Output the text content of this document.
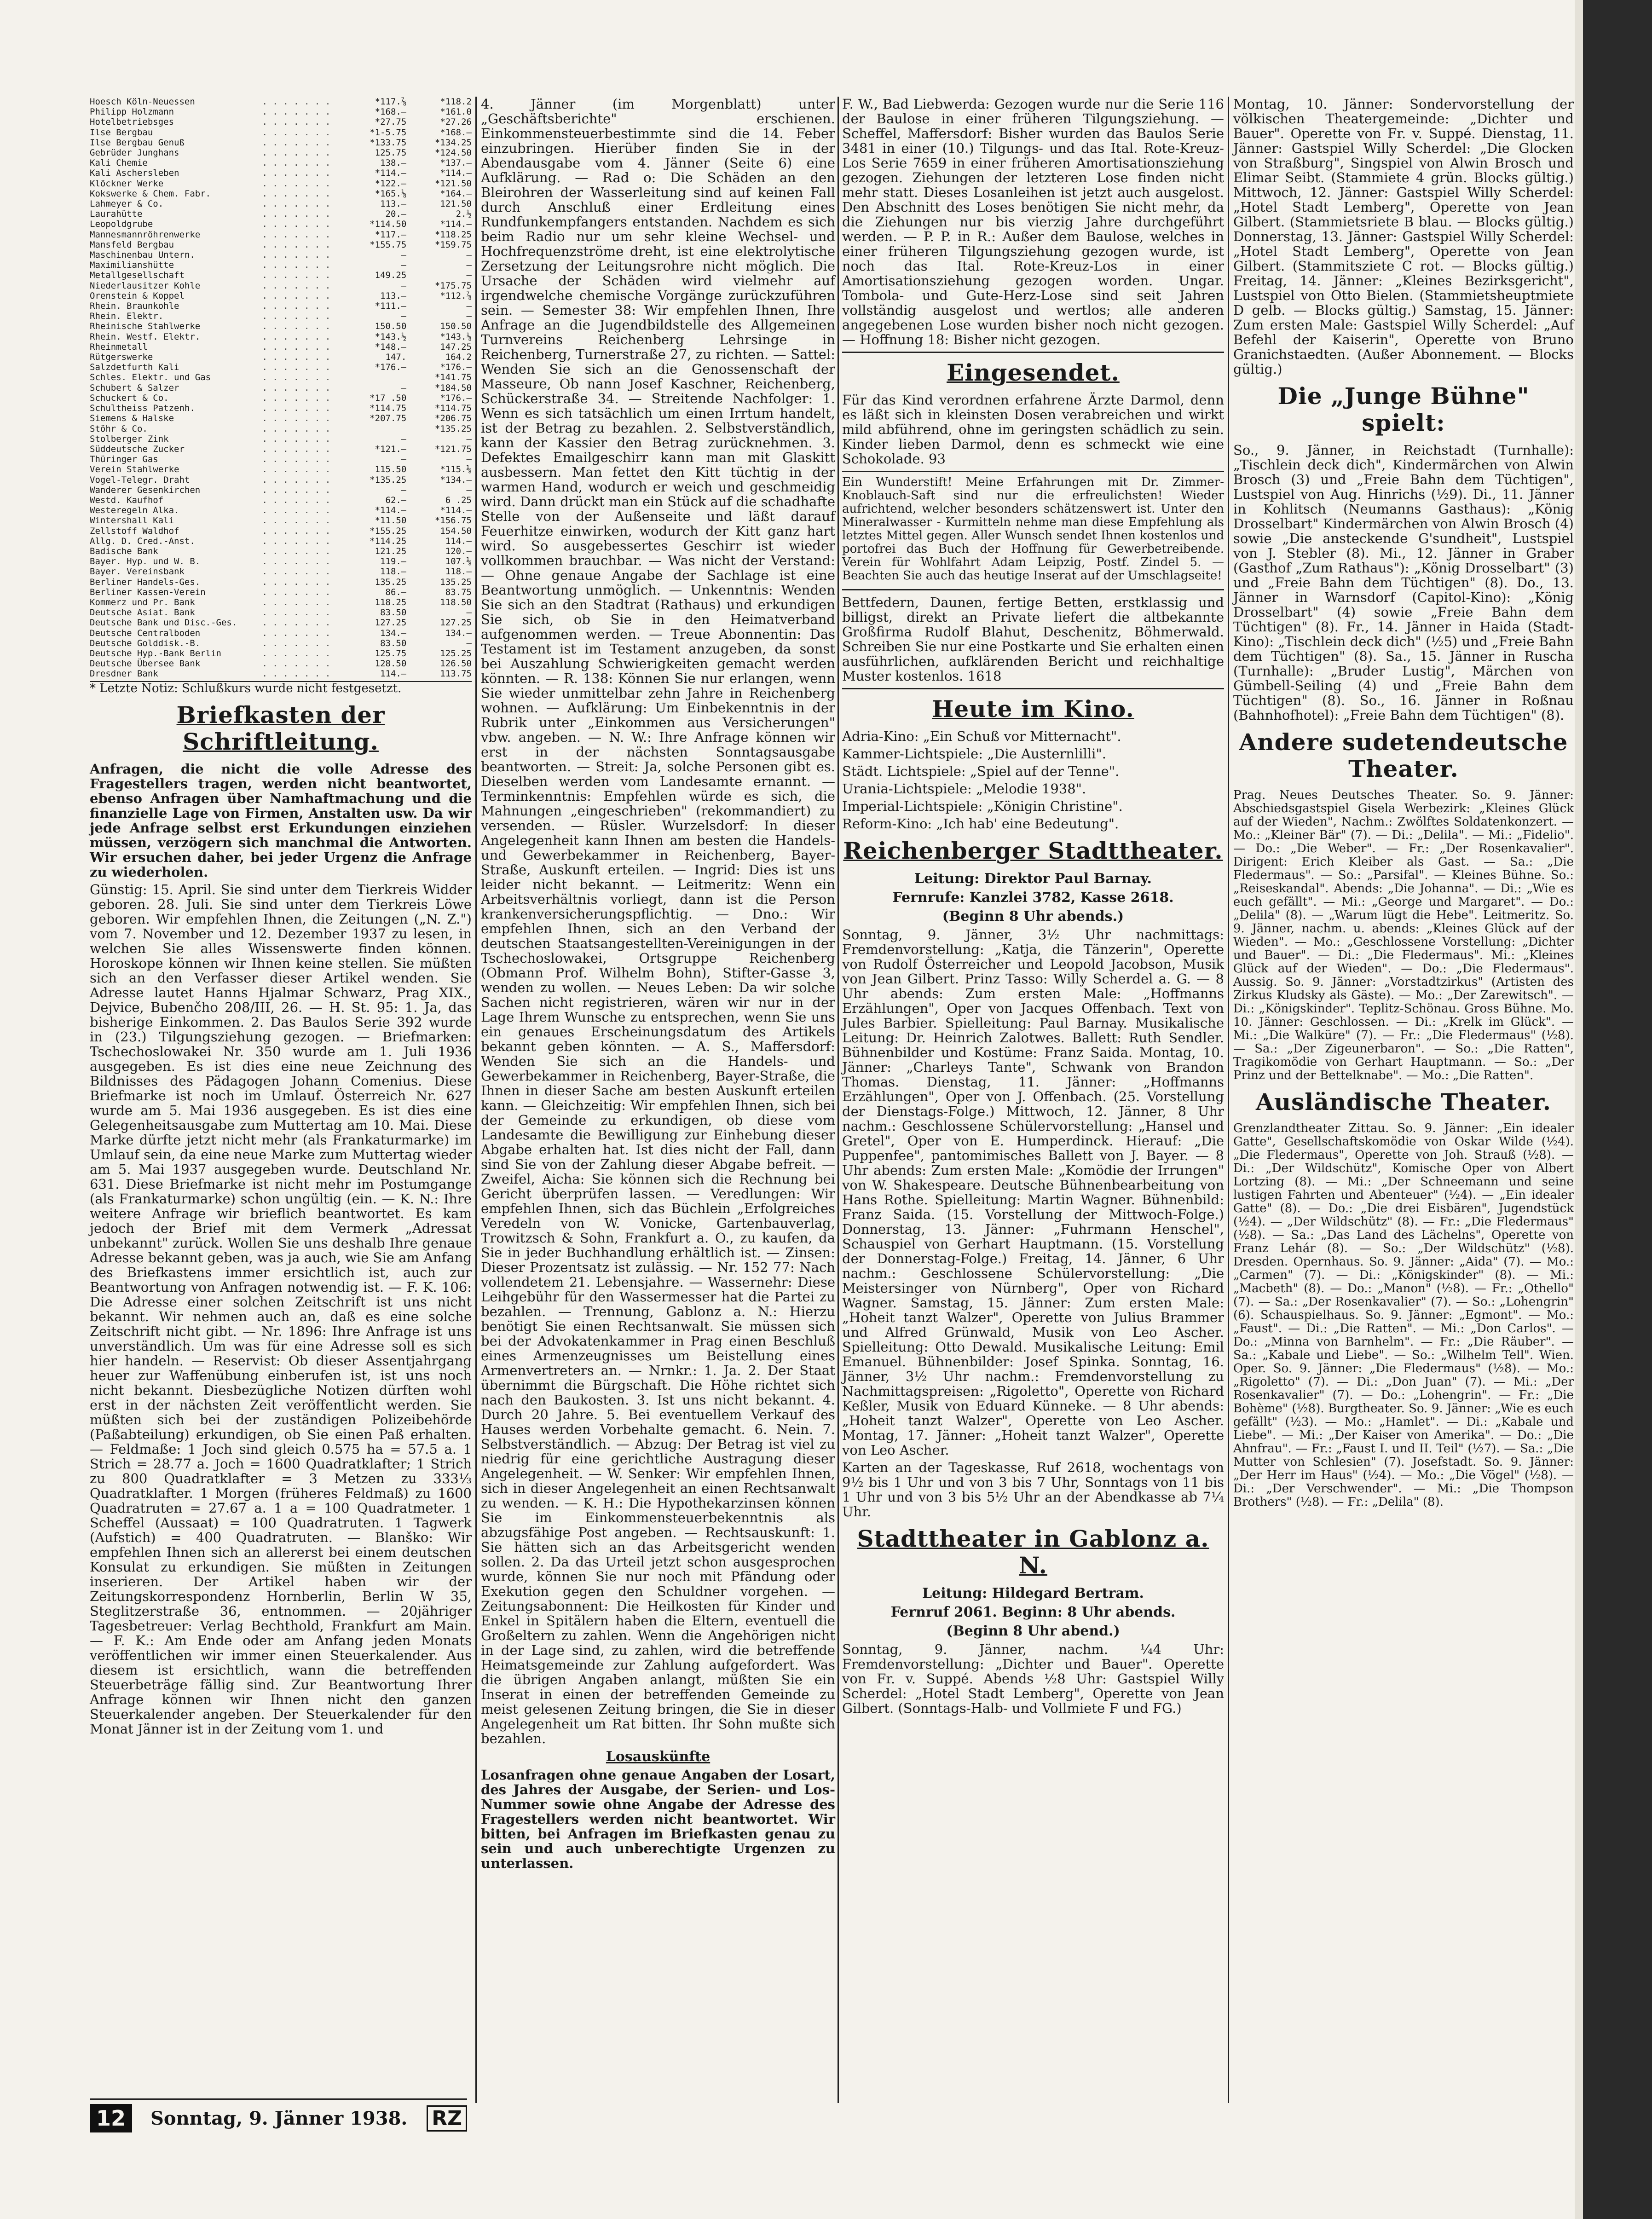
Hoesch Köln-Neuessen	. . . . . . .	*117.⅞	*118.2
Philipp Holzmann	. . . . . . .	*168.—	*161.0
Hotelbetriebsges	. . . . . . .	*27.75	*27.26
Ilse Bergbau	. . . . . . .	*1-5.75	*168.—
Ilse Bergbau Genuß	. . . . . . .	*133.75	*134.25
Gebrüder Junghans	. . . . . . .	125.75	*124.50
Kali Chemie	. . . . . . .	138.—	*137.—
Kali Aschersleben	. . . . . . .	*114.—	*114.—
Klöckner Werke	. . . . . . .	*122.—	*121.50
Kokswerke & Chem. Fabr.	. . . . . . .	*165.⅛	*164.—
Lahmeyer & Co.	. . . . . . .	113.—	121.50
Laurahütte	. . . . . . .	20.—	2.½
Leopoldgrube	. . . . . . .	*114.50	*114.—
Mannesmannröhrenwerke	. . . . . . .	*117.—	*118.25
Mansfeld Bergbau	. . . . . . .	*155.75	*159.75
Maschinenbau Untern.	. . . . . . .	—	—
Maximilianshütte	. . . . . . .	—	—
Metallgesellschaft	. . . . . . .	149.25	—
Niederlausitzer Kohle	. . . . . . .	—	*175.75
Orenstein & Koppel	. . . . . . .	113.—	*112.⅞
Rhein. Braunkohle	. . . . . . .	*111.—	—
Rhein. Elektr.	. . . . . . .	—	—
Rheinische Stahlwerke	. . . . . . .	150.50	150.50
Rhein. Westf. Elektr.	. . . . . . .	*143.½	*143.⅛
Rheinmetall	. . . . . . .	*148.—	147.25
Rütgerswerke	. . . . . . .	147.	164.2
Salzdetfurth Kali	. . . . . . .	*176.—	*176.—
Schles. Elektr. und Gas	. . . . . . .		*141.75
Schubert & Salzer	. . . . . . .	—	*184.50
Schuckert & Co.	. . . . . . .	*17 .50	*176.—
Schultheiss Patzenh.	. . . . . . .	*114.75	*114.75
Siemens & Halske	. . . . . . .	*207.75	*206.75
Stöhr & Co.	. . . . . . .		*135.25
Stolberger Zink	. . . . . . .	—	—
Süddeutsche Zucker	. . . . . . .	*121.—	*121.75
Thüringer Gas	. . . . . . .	—	—
Verein Stahlwerke	. . . . . . .	115.50	*115.⅛
Vogel-Telegr. Draht	. . . . . . .	*135.25	*134.—
Wanderer Gesenkirchen	. . . . . . .	—	—
Westd. Kaufhof	. . . . . . .	62.—	6 .25
Westeregeln Alka.	. . . . . . .	*114.—	*114.—
Wintershall Kali	. . . . . . .	*11.50	*156.75
Zellstoff Waldhof	. . . . . . .	*155.25	154.50
Allg. D. Cred.-Anst.	. . . . . . .	*114.25	114.—
Badische Bank	. . . . . . .	121.25	120.—
Bayer. Hyp. und W. B.	. . . . . . .	119.—	107.⅛
Bayer. Vereinsbank	. . . . . . .	118.—	118.—
Berliner Handels-Ges.	. . . . . . .	135.25	135.25
Berliner Kassen-Verein	. . . . . . .	86.—	83.75
Kommerz und Pr. Bank	. . . . . . .	118.25	118.50
Deutsche Asiat. Bank	. . . . . . .	83.50	—
Deutsche Bank und Disc.-Ges.	. . . . . . .	127.25	127.25
Deutsche Centralboden	. . . . . . .	134.—	134.—
Deutsche Golddisk.-B.	. . . . . . .	83.50	—
Deutsche Hyp.-Bank Berlin	. . . . . . .	125.75	125.25
Deutsche Übersee Bank	. . . . . . .	128.50	126.50
Dresdner Bank	. . . . . . .	114.—	113.75

* Letzte Notiz: Schlußkurs wurde nicht festgesetzt.

Briefkasten der Schriftleitung.

Anfragen, die nicht die volle Adresse des Fragestellers tragen, werden nicht beantwortet, ebenso Anfragen über Namhaftmachung und die finanzielle Lage von Firmen, Anstalten usw. Da wir jede Anfrage selbst erst Erkundungen einziehen müssen, verzögern sich manchmal die Antworten. Wir ersuchen daher, bei jeder Urgenz die Anfrage zu wiederholen.

Günstig: 15. April. Sie sind unter dem Tierkreis Widder geboren. 28. Juli. Sie sind unter dem Tierkreis Löwe geboren. Wir empfehlen Ihnen, die Zeitungen („N. Z.") vom 7. November und 12. Dezember 1937 zu lesen, in welchen Sie alles Wissenswerte finden können. Horoskope können wir Ihnen keine stellen. Sie müßten sich an den Verfasser dieser Artikel wenden. Sie Adresse lautet Hanns Hjalmar Schwarz, Prag XIX., Dejvice, Bubenčho 208/III, 26. — H. St. 95: 1. Ja, das bisherige Einkommen. 2. Das Baulos Serie 392 wurde in (23.) Tilgungsziehung gezogen. — Briefmarken: Tschechoslowakei Nr. 350 wurde am 1. Juli 1936 ausgegeben. Es ist dies eine neue Zeichnung des Bildnisses des Pädagogen Johann Comenius. Diese Briefmarke ist noch im Umlauf. Österreich Nr. 627 wurde am 5. Mai 1936 ausgegeben. Es ist dies eine Gelegenheitsausgabe zum Muttertag am 10. Mai. Diese Marke dürfte jetzt nicht mehr (als Frankaturmarke) im Umlauf sein, da eine neue Marke zum Muttertag wieder am 5. Mai 1937 ausgegeben wurde. Deutschland Nr. 631. Diese Briefmarke ist nicht mehr im Postumgange (als Frankaturmarke) schon ungültig (ein. — K. N.: Ihre weitere Anfrage wir brieflich beantwortet. Es kam jedoch der Brief mit dem Vermerk „Adressat unbekannt" zurück. Wollen Sie uns deshalb Ihre genaue Adresse bekannt geben, was ja auch, wie Sie am Anfang des Briefkastens immer ersichtlich ist, auch zur Beantwortung von Anfragen notwendig ist. — F. K. 106: Die Adresse einer solchen Zeitschrift ist uns nicht bekannt. Wir nehmen auch an, daß es eine solche Zeitschrift nicht gibt. — Nr. 1896: Ihre Anfrage ist uns unverständlich. Um was für eine Adresse soll es sich hier handeln. — Reservist: Ob dieser Assentjahrgang heuer zur Waffenübung einberufen ist, ist uns noch nicht bekannt. Diesbezügliche Notizen dürften wohl erst in der nächsten Zeit veröffentlicht werden. Sie müßten sich bei der zuständigen Polizeibehörde (Paßabteilung) erkundigen, ob Sie einen Paß erhalten. — Feldmaße: 1 Joch sind gleich 0.575 ha = 57.5 a. 1 Strich = 28.77 a. Joch = 1600 Quadratklafter; 1 Strich zu 800 Quadratklafter = 3 Metzen zu 333⅓ Quadratklafter. 1 Morgen (früheres Feldmaß) zu 1600 Quadratruten = 27.67 a. 1 a = 100 Quadratmeter. 1 Scheffel (Aussaat) = 100 Quadratruten. 1 Tagwerk (Aufstich) = 400 Quadratruten. — Blanško: Wir empfehlen Ihnen sich an allererst bei einem deutschen Konsulat zu erkundigen. Sie müßten in Zeitungen inserieren. Der Artikel haben wir der Zeitungskorrespondenz Hornberlin, Berlin W 35, Steglitzerstraße 36, entnommen. — 20jähriger Tagesbetreuer: Verlag Bechthold, Frankfurt am Main. — F. K.: Am Ende oder am Anfang jeden Monats veröffentlichen wir immer einen Steuerkalender. Aus diesem ist ersichtlich, wann die betreffenden Steuerbeträge fällig sind. Zur Beantwortung Ihrer Anfrage können wir Ihnen nicht den ganzen Steuerkalender angeben. Der Steuerkalender für den Monat Jänner ist in der Zeitung vom 1. und

4. Jänner (im Morgenblatt) unter „Geschäftsberichte" erschienen. Einkommensteuerbestimmte sind die 14. Feber einzubringen. Hierüber finden Sie in der Abendausgabe vom 4. Jänner (Seite 6) eine Aufklärung. — Rad o: Die Schäden an den Bleirohren der Wasserleitung sind auf keinen Fall durch Anschluß einer Erdleitung eines Rundfunkempfangers entstanden. Nachdem es sich beim Radio nur um sehr kleine Wechsel- und Hochfrequenzströme dreht, ist eine elektrolytische Zersetzung der Leitungsrohre nicht möglich. Die Ursache der Schäden wird vielmehr auf irgendwelche chemische Vorgänge zurückzuführen sein. — Semester 38: Wir empfehlen Ihnen, Ihre Anfrage an die Jugendbildstelle des Allgemeinen Turnvereins Reichenberg Lehrsinge in Reichenberg, Turnerstraße 27, zu richten. — Sattel: Wenden Sie sich an die Genossenschaft der Masseure, Ob nann Josef Kaschner, Reichenberg, Schückerstraße 34. — Streitende Nachfolger: 1. Wenn es sich tatsächlich um einen Irrtum handelt, ist der Betrag zu bezahlen. 2. Selbstverständlich, kann der Kassier den Betrag zurücknehmen. 3. Defektes Emailgeschirr kann man mit Glaskitt ausbessern. Man fettet den Kitt tüchtig in der warmen Hand, wodurch er weich und geschmeidig wird. Dann drückt man ein Stück auf die schadhafte Stelle von der Außenseite und läßt darauf Feuerhitze einwirken, wodurch der Kitt ganz hart wird. So ausgebessertes Geschirr ist wieder vollkommen brauchbar. — Was nicht der Verstand: — Ohne genaue Angabe der Sachlage ist eine Beantwortung unmöglich. — Unkenntnis: Wenden Sie sich an den Stadtrat (Rathaus) und erkundigen Sie sich, ob Sie in den Heimatverband aufgenommen werden. — Treue Abonnentin: Das Testament ist im Testament anzugeben, da sonst bei Auszahlung Schwierigkeiten gemacht werden könnten. — R. 138: Können Sie nur erlangen, wenn Sie wieder unmittelbar zehn Jahre in Reichenberg wohnen. — Aufklärung: Um Einbekenntnis in der Rubrik unter „Einkommen aus Versicherungen" vbw. angeben. — N. W.: Ihre Anfrage können wir erst in der nächsten Sonntagsausgabe beantworten. — Streit: Ja, solche Personen gibt es. Dieselben werden vom Landesamte ernannt. — Terminkenntnis: Empfehlen würde es sich, die Mahnungen „eingeschrieben" (rekommandiert) zu versenden. — Rüsler. Wurzelsdorf: In dieser Angelegenheit kann Ihnen am besten die Handels- und Gewerbekammer in Reichenberg, Bayer-Straße, Auskunft erteilen. — Ingrid: Dies ist uns leider nicht bekannt. — Leitmeritz: Wenn ein Arbeitsverhältnis vorliegt, dann ist die Person krankenversicherungspflichtig. — Dno.: Wir empfehlen Ihnen, sich an den Verband der deutschen Staatsangestellten-Vereinigungen in der Tschechoslowakei, Ortsgruppe Reichenberg (Obmann Prof. Wilhelm Bohn), Stifter-Gasse 3, wenden zu wollen. — Neues Leben: Da wir solche Sachen nicht registrieren, wären wir nur in der Lage Ihrem Wunsche zu entsprechen, wenn Sie uns ein genaues Erscheinungsdatum des Artikels bekannt geben könnten. — A. S., Maffersdorf: Wenden Sie sich an die Handels- und Gewerbekammer in Reichenberg, Bayer-Straße, die Ihnen in dieser Sache am besten Auskunft erteilen kann. — Gleichzeitig: Wir empfehlen Ihnen, sich bei der Gemeinde zu erkundigen, ob diese vom Landesamte die Bewilligung zur Einhebung dieser Abgabe erhalten hat. Ist dies nicht der Fall, dann sind Sie von der Zahlung dieser Abgabe befreit. — Zweifel, Aicha: Sie können sich die Rechnung bei Gericht überprüfen lassen. — Veredlungen: Wir empfehlen Ihnen, sich das Büchlein „Erfolgreiches Veredeln von W. Vonicke, Gartenbauverlag, Trowitzsch & Sohn, Frankfurt a. O., zu kaufen, da Sie in jeder Buchhandlung erhältlich ist. — Zinsen: Dieser Prozentsatz ist zulässig. — Nr. 152 77: Nach vollendetem 21. Lebensjahre. — Wassernehr: Diese Leihgebühr für den Wassermesser hat die Partei zu bezahlen. — Trennung, Gablonz a. N.: Hierzu benötigt Sie einen Rechtsanwalt. Sie müssen sich bei der Advokatenkammer in Prag einen Beschluß eines Armenzeugnisses um Beistellung eines Armenvertreters an. — Nrnkr.: 1. Ja. 2. Der Staat übernimmt die Bürgschaft. Die Höhe richtet sich nach den Baukosten. 3. Ist uns nicht bekannt. 4. Durch 20 Jahre. 5. Bei eventuellem Verkauf des Hauses werden Vorbehalte gemacht. 6. Nein. 7. Selbstverständlich. — Abzug: Der Betrag ist viel zu niedrig für eine gerichtliche Austragung dieser Angelegenheit. — W. Senker: Wir empfehlen Ihnen, sich in dieser Angelegenheit an einen Rechtsanwalt zu wenden. — K. H.: Die Hypothekarzinsen können Sie im Einkommensteuerbekenntnis als abzugsfähige Post angeben. — Rechtsauskunft: 1. Sie hätten sich an das Arbeitsgericht wenden sollen. 2. Da das Urteil jetzt schon ausgesprochen wurde, können Sie nur noch mit Pfändung oder Exekution gegen den Schuldner vorgehen. — Zeitungsabonnent: Die Heilkosten für Kinder und Enkel in Spitälern haben die Eltern, eventuell die Großeltern zu zahlen. Wenn die Angehörigen nicht in der Lage sind, zu zahlen, wird die betreffende Heimatsgemeinde zur Zahlung aufgefordert. Was die übrigen Angaben anlangt, müßten Sie ein Inserat in einen der betreffenden Gemeinde zu meist gelesenen Zeitung bringen, die Sie in dieser Angelegenheit um Rat bitten. Ihr Sohn mußte sich bezahlen.

Losauskünfte

Losanfragen ohne genaue Angaben der Losart, des Jahres der Ausgabe, der Serien- und Los-Nummer sowie ohne Angabe der Adresse des Fragestellers werden nicht beantwortet. Wir bitten, bei Anfragen im Briefkasten genau zu sein und auch unberechtigte Urgenzen zu unterlassen.

F. W., Bad Liebwerda: Gezogen wurde nur die Serie 116 der Baulose in einer früheren Tilgungsziehung. — Scheffel, Maffersdorf: Bisher wurden das Baulos Serie 3481 in einer (10.) Tilgungs- und das Ital. Rote-Kreuz-Los Serie 7659 in einer früheren Amortisationsziehung gezogen. Ziehungen der letzteren Lose finden nicht mehr statt. Dieses Losanleihen ist jetzt auch ausgelost. Den Abschnitt des Loses benötigen Sie nicht mehr, da die Ziehungen nur bis vierzig Jahre durchgeführt werden. — P. P. in R.: Außer dem Baulose, welches in einer früheren Tilgungsziehung gezogen wurde, ist noch das Ital. Rote-Kreuz-Los in einer Amortisationsziehung gezogen worden. Ungar. Tombola- und Gute-Herz-Lose sind seit Jahren vollständig ausgelost und wertlos; alle anderen angegebenen Lose wurden bisher noch nicht gezogen. — Hoffnung 18: Bisher nicht gezogen.

Eingesendet.

Für das Kind verordnen erfahrene Ärzte Darmol, denn es läßt sich in kleinsten Dosen verabreichen und wirkt mild abführend, ohne im geringsten schädlich zu sein. Kinder lieben Darmol, denn es schmeckt wie eine Schokolade. 93

Ein Wunderstift! Meine Erfahrungen mit Dr. Zimmer-Knoblauch-Saft sind nur die erfreulichsten! Wieder aufrichtend, welcher besonders schätzenswert ist. Unter den Mineralwasser - Kurmitteln nehme man diese Empfehlung als letztes Mittel gegen. Aller Wunsch sendet Ihnen kostenlos und portofrei das Buch der Hoffnung für Gewerbetreibende. Verein für Wohlfahrt Adam Leipzig, Postf. Zindel 5. — Beachten Sie auch das heutige Inserat auf der Umschlagseite!

Bettfedern, Daunen, fertige Betten, erstklassig und billigst, direkt an Private liefert die altbekannte Großfirma Rudolf Blahut, Deschenitz, Böhmerwald. Schreiben Sie nur eine Postkarte und Sie erhalten einen ausführlichen, aufklärenden Bericht und reichhaltige Muster kostenlos. 1618

Heute im Kino.

Adria-Kino: „Ein Schuß vor Mitternacht".

Kammer-Lichtspiele: „Die Austernlilli".

Städt. Lichtspiele: „Spiel auf der Tenne".

Urania-Lichtspiele: „Melodie 1938".

Imperial-Lichtspiele: „Königin Christine".

Reform-Kino: „Ich hab' eine Bedeutung".

Reichenberger Stadttheater.
Leitung: Direktor Paul Barnay.
Fernrufe: Kanzlei 3782, Kasse 2618.
(Beginn 8 Uhr abends.)

Sonntag, 9. Jänner, 3½ Uhr nachmittags: Fremdenvorstellung: „Katja, die Tänzerin", Operette von Rudolf Österreicher und Leopold Jacobson, Musik von Jean Gilbert. Prinz Tasso: Willy Scherdel a. G. — 8 Uhr abends: Zum ersten Male: „Hoffmanns Erzählungen", Oper von Jacques Offenbach. Text von Jules Barbier. Spielleitung: Paul Barnay. Musikalische Leitung: Dr. Heinrich Zalotwes. Ballett: Ruth Sendler. Bühnenbilder und Kostüme: Franz Saida. Montag, 10. Jänner: „Charleys Tante", Schwank von Brandon Thomas. Dienstag, 11. Jänner: „Hoffmanns Erzählungen", Oper von J. Offenbach. (25. Vorstellung der Dienstags-Folge.) Mittwoch, 12. Jänner, 8 Uhr nachm.: Geschlossene Schülervorstellung: „Hansel und Gretel", Oper von E. Humperdinck. Hierauf: „Die Puppenfee", pantomimisches Ballett von J. Bayer. — 8 Uhr abends: Zum ersten Male: „Komödie der Irrungen" von W. Shakespeare. Deutsche Bühnenbearbeitung von Hans Rothe. Spielleitung: Martin Wagner. Bühnenbild: Franz Saida. (15. Vorstellung der Mittwoch-Folge.) Donnerstag, 13. Jänner: „Fuhrmann Henschel", Schauspiel von Gerhart Hauptmann. (15. Vorstellung der Donnerstag-Folge.) Freitag, 14. Jänner, 6 Uhr nachm.: Geschlossene Schülervorstellung: „Die Meistersinger von Nürnberg", Oper von Richard Wagner. Samstag, 15. Jänner: Zum ersten Male: „Hoheit tanzt Walzer", Operette von Julius Brammer und Alfred Grünwald, Musik von Leo Ascher. Spielleitung: Otto Dewald. Musikalische Leitung: Emil Emanuel. Bühnenbilder: Josef Spinka. Sonntag, 16. Jänner, 3½ Uhr nachm.: Fremdenvorstellung zu Nachmittagspreisen: „Rigoletto", Operette von Richard Keßler, Musik von Eduard Künneke. — 8 Uhr abends: „Hoheit tanzt Walzer", Operette von Leo Ascher. Montag, 17. Jänner: „Hoheit tanzt Walzer", Operette von Leo Ascher.

Karten an der Tageskasse, Ruf 2618, wochentags von 9½ bis 1 Uhr und von 3 bis 7 Uhr, Sonntags von 11 bis 1 Uhr und von 3 bis 5½ Uhr an der Abendkasse ab 7¼ Uhr.

Stadttheater in Gablonz a. N.
Leitung: Hildegard Bertram.
Fernruf 2061. Beginn: 8 Uhr abends.
(Beginn 8 Uhr abend.)

Sonntag, 9. Jänner, nachm. ¼4 Uhr: Fremdenvorstellung: „Dichter und Bauer". Operette von Fr. v. Suppé. Abends ½8 Uhr: Gastspiel Willy Scherdel: „Hotel Stadt Lemberg", Operette von Jean Gilbert. (Sonntags-Halb- und Vollmiete F und FG.)

Montag, 10. Jänner: Sondervorstellung der völkischen Theatergemeinde: „Dichter und Bauer". Operette von Fr. v. Suppé. Dienstag, 11. Jänner: Gastspiel Willy Scherdel: „Die Glocken von Straßburg", Singspiel von Alwin Brosch und Elimar Seibt. (Stammiete 4 grün. Blocks gültig.) Mittwoch, 12. Jänner: Gastspiel Willy Scherdel: „Hotel Stadt Lemberg", Operette von Jean Gilbert. (Stammietsriete B blau. — Blocks gültig.) Donnerstag, 13. Jänner: Gastspiel Willy Scherdel: „Hotel Stadt Lemberg", Operette von Jean Gilbert. (Stammitsziete C rot. — Blocks gültig.) Freitag, 14. Jänner: „Kleines Bezirksgericht", Lustspiel von Otto Bielen. (Stammietsheuptmiete D gelb. — Blocks gültig.) Samstag, 15. Jänner: Zum ersten Male: Gastspiel Willy Scherdel: „Auf Befehl der Kaiserin", Operette von Bruno Granichstaedten. (Außer Abonnement. — Blocks gültig.)

Die „Junge Bühne" spielt:

So., 9. Jänner, in Reichstadt (Turnhalle): „Tischlein deck dich", Kindermärchen von Alwin Brosch (3) und „Freie Bahn dem Tüchtigen", Lustspiel von Aug. Hinrichs (½9). Di., 11. Jänner in Kohlitsch (Neumanns Gasthaus): „König Drosselbart" Kindermärchen von Alwin Brosch (4) sowie „Die ansteckende G'sundheit", Lustspiel von J. Stebler (8). Mi., 12. Jänner in Graber (Gasthof „Zum Rathaus"): „König Drosselbart" (3) und „Freie Bahn dem Tüchtigen" (8). Do., 13. Jänner in Warnsdorf (Capitol-Kino): „König Drosselbart" (4) sowie „Freie Bahn dem Tüchtigen" (8). Fr., 14. Jänner in Haida (Stadt-Kino): „Tischlein deck dich" (½5) und „Freie Bahn dem Tüchtigen" (8). Sa., 15. Jänner in Ruscha (Turnhalle): „Bruder Lustig", Märchen von Gümbell-Seiling (4) und „Freie Bahn dem Tüchtigen" (8). So., 16. Jänner in Roßnau (Bahnhofhotel): „Freie Bahn dem Tüchtigen" (8).

Andere sudetendeutsche Theater.

Prag. Neues Deutsches Theater. So. 9. Jänner: Abschiedsgastspiel Gisela Werbezirk: „Kleines Glück auf der Wieden", Nachm.: Zwölftes Soldatenkonzert. — Mo.: „Kleiner Bär" (7). — Di.: „Delila". — Mi.: „Fidelio". — Do.: „Die Weber". — Fr.: „Der Rosenkavalier". Dirigent: Erich Kleiber als Gast. — Sa.: „Die Fledermaus". — So.: „Parsifal". — Kleines Bühne. So.: „Reiseskandal". Abends: „Die Johanna". — Di.: „Wie es euch gefällt". — Mi.: „George und Margaret". — Do.: „Delila" (8). — „Warum lügt die Hebe". Leitmeritz. So. 9. Jänner, nachm. u. abends: „Kleines Glück auf der Wieden". — Mo.: „Geschlossene Vorstellung: „Dichter und Bauer". — Di.: „Die Fledermaus". Mi.: „Kleines Glück auf der Wieden". — Do.: „Die Fledermaus". Aussig. So. 9. Jänner: „Vorstadtzirkus" (Artisten des Zirkus Kludsky als Gäste). — Mo.: „Der Zarewitsch". — Di.: „Königskinder". Teplitz-Schönau. Gross Bühne. Mo. 10. Jänner: Geschlossen. — Di.: „Krelk im Glück". — Mi.: „Die Walküre" (7). — Fr.: „Die Fledermaus" (½8). — Sa.: „Der Zigeunerbaron". — So.: „Die Ratten", Tragikomödie von Gerhart Hauptmann. — So.: „Der Prinz und der Bettelknabe". — Mo.: „Die Ratten".

Ausländische Theater.

Grenzlandtheater Zittau. So. 9. Jänner: „Ein idealer Gatte", Gesellschaftskomödie von Oskar Wilde (½4). „Die Fledermaus", Operette von Joh. Strauß (½8). — Di.: „Der Wildschütz", Komische Oper von Albert Lortzing (8). — Mi.: „Der Schneemann und seine lustigen Fahrten und Abenteuer" (½4). — „Ein idealer Gatte" (8). — Do.: „Die drei Eisbären", Jugendstück (½4). — „Der Wildschütz" (8). — Fr.: „Die Fledermaus" (½8). — Sa.: „Das Land des Lächelns", Operette von Franz Lehár (8). — So.: „Der Wildschütz" (½8). Dresden. Opernhaus. So. 9. Jänner: „Aida" (7). — Mo.: „Carmen" (7). — Di.: „Königskinder" (8). — Mi.: „Macbeth" (8). — Do.: „Manon" (½8). — Fr.: „Othello" (7). — Sa.: „Der Rosenkavalier" (7). — So.: „Lohengrin" (6). Schauspielhaus. So. 9. Jänner: „Egmont". — Mo.: „Faust". — Di.: „Die Ratten". — Mi.: „Don Carlos". — Do.: „Minna von Barnhelm". — Fr.: „Die Räuber". — Sa.: „Kabale und Liebe". — So.: „Wilhelm Tell". Wien. Oper. So. 9. Jänner: „Die Fledermaus" (½8). — Mo.: „Rigoletto" (7). — Di.: „Don Juan" (7). — Mi.: „Der Rosenkavalier" (7). — Do.: „Lohengrin". — Fr.: „Die Bohème" (½8). Burgtheater. So. 9. Jänner: „Wie es euch gefällt" (½3). — Mo.: „Hamlet". — Di.: „Kabale und Liebe". — Mi.: „Der Kaiser von Amerika". — Do.: „Die Ahnfrau". — Fr.: „Faust I. und II. Teil" (½7). — Sa.: „Die Mutter von Schlesien" (7). Josefstadt. So. 9. Jänner: „Der Herr im Haus" (½4). — Mo.: „Die Vögel" (½8). — Di.: „Der Verschwender". — Mi.: „Die Thompson Brothers" (½8). — Fr.: „Delila" (8).

12	Sonntag, 9. Jänner 1938. RZ
